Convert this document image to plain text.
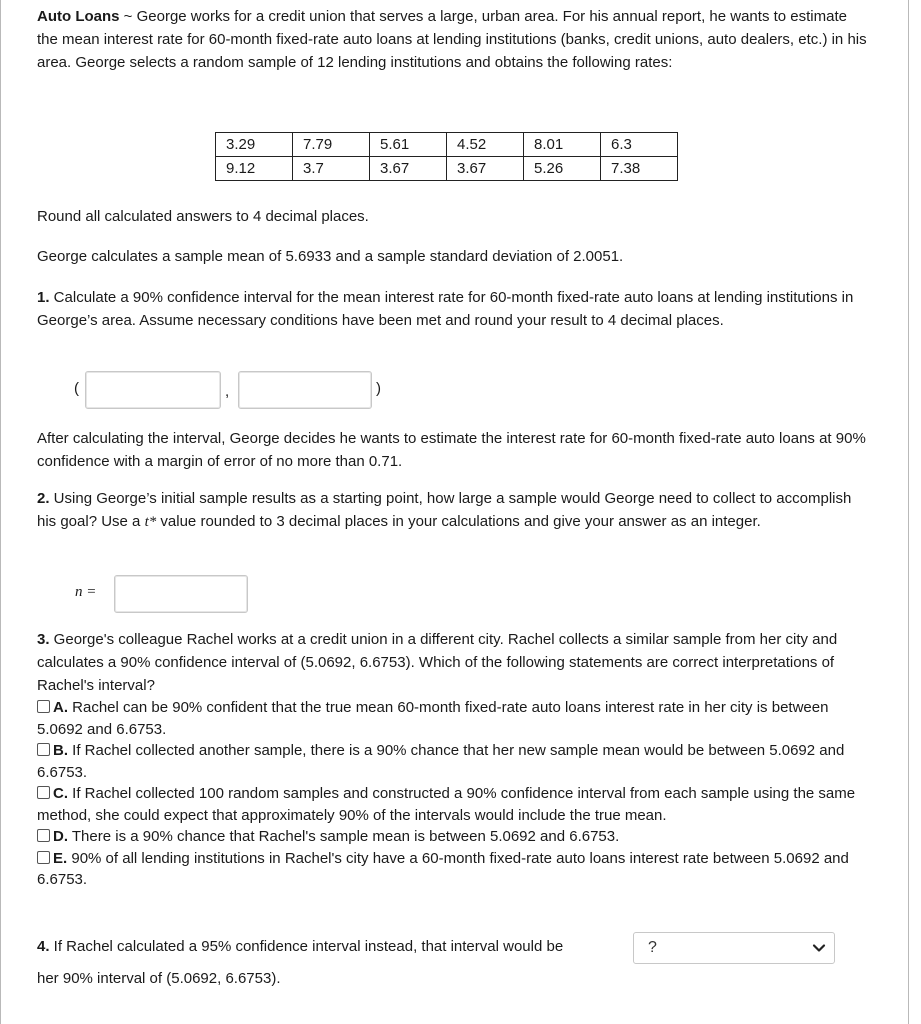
Auto Loans ~ George works for a credit union that serves a large, urban area. For his annual report, he wants to estimate the mean interest rate for 60-month fixed-rate auto loans at lending institutions (banks, credit unions, auto dealers, etc.) in his area. George selects a random sample of 12 lending institutions and obtains the following rates:

3.29	7.79	5.61	4.52	8.01	6.3
9.12	3.7	3.67	3.67	5.26	7.38

Round all calculated answers to 4 decimal places.

George calculates a sample mean of 5.6933 and a sample standard deviation of 2.0051.

1. Calculate a 90% confidence interval for the mean interest rate for 60-month fixed-rate auto loans at lending institutions in George’s area. Assume necessary conditions have been met and round your result to 4 decimal places.

(	,	)

After calculating the interval, George decides he wants to estimate the interest rate for 60-month fixed-rate auto loans at 90% confidence with a margin of error of no more than 0.71.

2. Using George’s initial sample results as a starting point, how large a sample would George need to collect to accomplish his goal? Use a t* value rounded to 3 decimal places in your calculations and give your answer as an integer.

n =

3. George's colleague Rachel works at a credit union in a different city. Rachel collects a similar sample from her city and calculates a 90% confidence interval of (5.0692, 6.6753). Which of the following statements are correct interpretations of Rachel's interval?

A. Rachel can be 90% confident that the true mean 60-month fixed-rate auto loans interest rate in her city is between 5.0692 and 6.6753.

B. If Rachel collected another sample, there is a 90% chance that her new sample mean would be between 5.0692 and 6.6753.

C. If Rachel collected 100 random samples and constructed a 90% confidence interval from each sample using the same method, she could expect that approximately 90% of the intervals would include the true mean.

D. There is a 90% chance that Rachel's sample mean is between 5.0692 and 6.6753.

E. 90% of all lending institutions in Rachel's city have a 60-month fixed-rate auto loans interest rate between 5.0692 and 6.6753.

4. If Rachel calculated a 95% confidence interval instead, that interval would be	?

her 90% interval of (5.0692, 6.6753).
